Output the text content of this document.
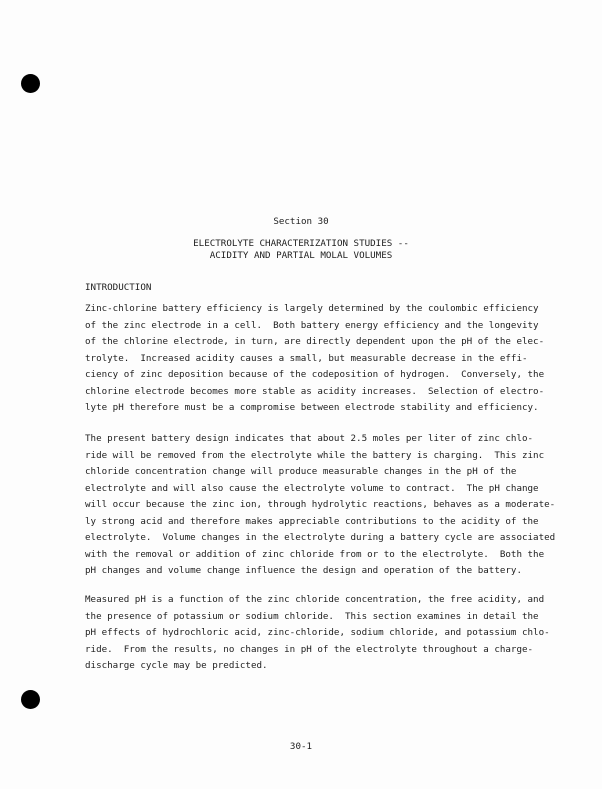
Section 30
ELECTROLYTE CHARACTERIZATION STUDIES --
ACIDITY AND PARTIAL MOLAL VOLUMES
INTRODUCTION
Zinc-chlorine battery efficiency is largely determined by the coulombic efficiency
of the zinc electrode in a cell.  Both battery energy efficiency and the longevity
of the chlorine electrode, in turn, are directly dependent upon the pH of the elec-
trolyte.  Increased acidity causes a small, but measurable decrease in the effi-
ciency of zinc deposition because of the codeposition of hydrogen.  Conversely, the
chlorine electrode becomes more stable as acidity increases.  Selection of electro-
lyte pH therefore must be a compromise between electrode stability and efficiency.
The present battery design indicates that about 2.5 moles per liter of zinc chlo-
ride will be removed from the electrolyte while the battery is charging.  This zinc
chloride concentration change will produce measurable changes in the pH of the
electrolyte and will also cause the electrolyte volume to contract.  The pH change
will occur because the zinc ion, through hydrolytic reactions, behaves as a moderate-
ly strong acid and therefore makes appreciable contributions to the acidity of the
electrolyte.  Volume changes in the electrolyte during a battery cycle are associated
with the removal or addition of zinc chloride from or to the electrolyte.  Both the
pH changes and volume change influence the design and operation of the battery.
Measured pH is a function of the zinc chloride concentration, the free acidity, and
the presence of potassium or sodium chloride.  This section examines in detail the
pH effects of hydrochloric acid, zinc-chloride, sodium chloride, and potassium chlo-
ride.  From the results, no changes in pH of the electrolyte throughout a charge-
discharge cycle may be predicted.
30-1
